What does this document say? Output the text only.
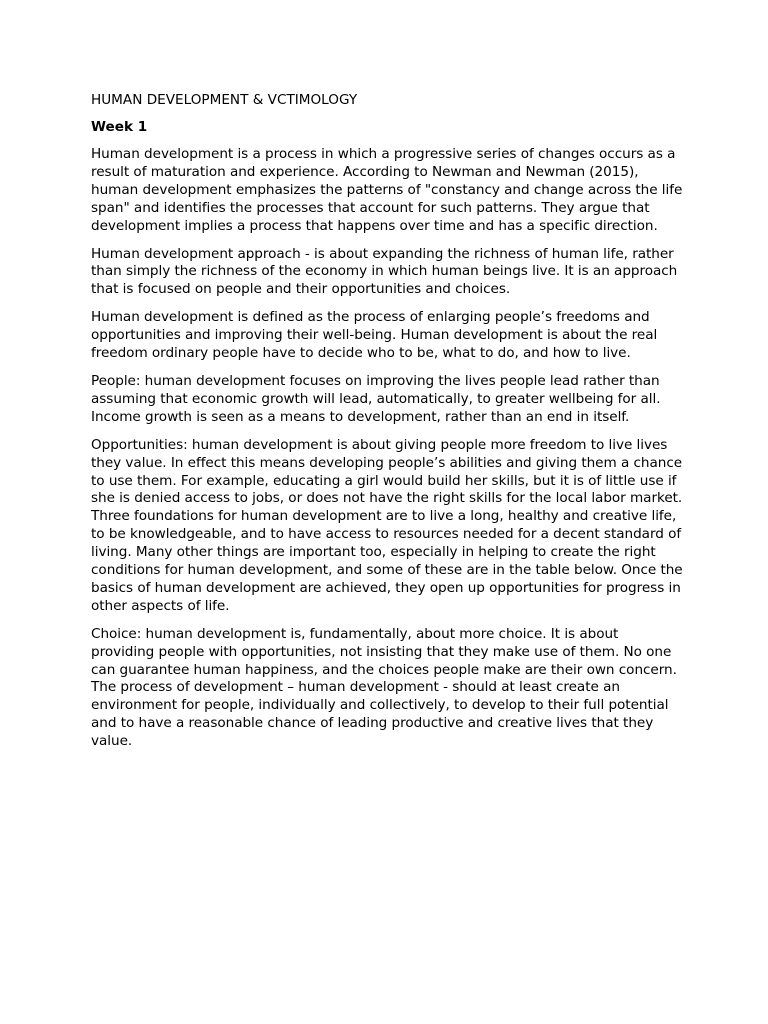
HUMAN DEVELOPMENT & VCTIMOLOGY
Week 1

Human development is a process in which a progressive series of changes occurs as a result of maturation and experience. According to Newman and Newman (2015), human development emphasizes the patterns of "constancy and change across the life span" and identifies the processes that account for such patterns. They argue that development implies a process that happens over time and has a specific direction.

Human development approach - is about expanding the richness of human life, rather than simply the richness of the economy in which human beings live. It is an approach that is focused on people and their opportunities and choices.

Human development is defined as the process of enlarging people’s freedoms and opportunities and improving their well-being. Human development is about the real freedom ordinary people have to decide who to be, what to do, and how to live.

People: human development focuses on improving the lives people lead rather than assuming that economic growth will lead, automatically, to greater wellbeing for all. Income growth is seen as a means to development, rather than an end in itself.

Opportunities: human development is about giving people more freedom to live lives they value. In effect this means developing people’s abilities and giving them a chance to use them. For example, educating a girl would build her skills, but it is of little use if she is denied access to jobs, or does not have the right skills for the local labor market. Three foundations for human development are to live a long, healthy and creative life, to be knowledgeable, and to have access to resources needed for a decent standard of living. Many other things are important too, especially in helping to create the right conditions for human development, and some of these are in the table below. Once the basics of human development are achieved, they open up opportunities for progress in other aspects of life.

Choice: human development is, fundamentally, about more choice. It is about providing people with opportunities, not insisting that they make use of them. No one can guarantee human happiness, and the choices people make are their own concern. The process of development – human development - should at least create an environment for people, individually and collectively, to develop to their full potential and to have a reasonable chance of leading productive and creative lives that they value.
